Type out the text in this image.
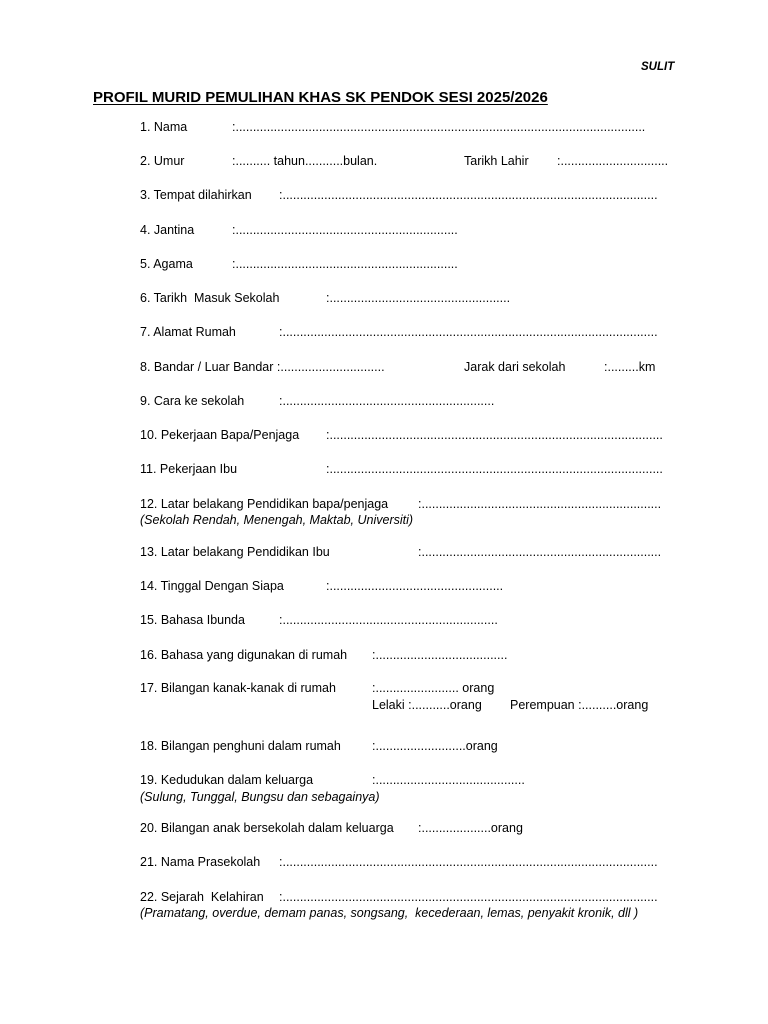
SULIT
PROFIL MURID PEMULIHAN KHAS SK PENDOK SESI 2025/2026
1. Nama	:......................................................................................................................
2. Umur	:.......... tahun...........bulan.	Tarikh Lahir :...............................
3. Tempat dilahirkan :............................................................................................................
4. Jantina	:................................................................
5. Agama	:................................................................
6. Tarikh  Masuk Sekolah	:....................................................
7. Alamat Rumah	:............................................................................................................
8. Bandar / Luar Bandar :..............................	Jarak dari sekolah	:.........km
9. Cara ke sekolah	:.............................................................
10. Pekerjaan Bapa/Penjaga :................................................................................................
11. Pekerjaan Ibu	:................................................................................................
12. Latar belakang Pendidikan bapa/penjaga :.....................................................................
(Sekolah Rendah, Menengah, Maktab, Universiti)
13. Latar belakang Pendidikan Ibu	:.....................................................................
14. Tinggal Dengan Siapa	:..................................................
15. Bahasa Ibunda	:..............................................................
16. Bahasa yang digunakan di rumah :......................................
17. Bilangan kanak-kanak di rumah	:........................ orang
Lelaki :...........orang Perempuan :..........orang
18. Bilangan penghuni dalam rumah :..........................orang
19. Kedudukan dalam keluarga	:...........................................
(Sulung, Tunggal, Bungsu dan sebagainya)
20. Bilangan anak bersekolah dalam keluarga :....................orang
21. Nama Prasekolah :............................................................................................................
22. Sejarah  Kelahiran :............................................................................................................
(Pramatang, overdue, demam panas, songsang,  kecederaan, lemas, penyakit kronik, dll )
